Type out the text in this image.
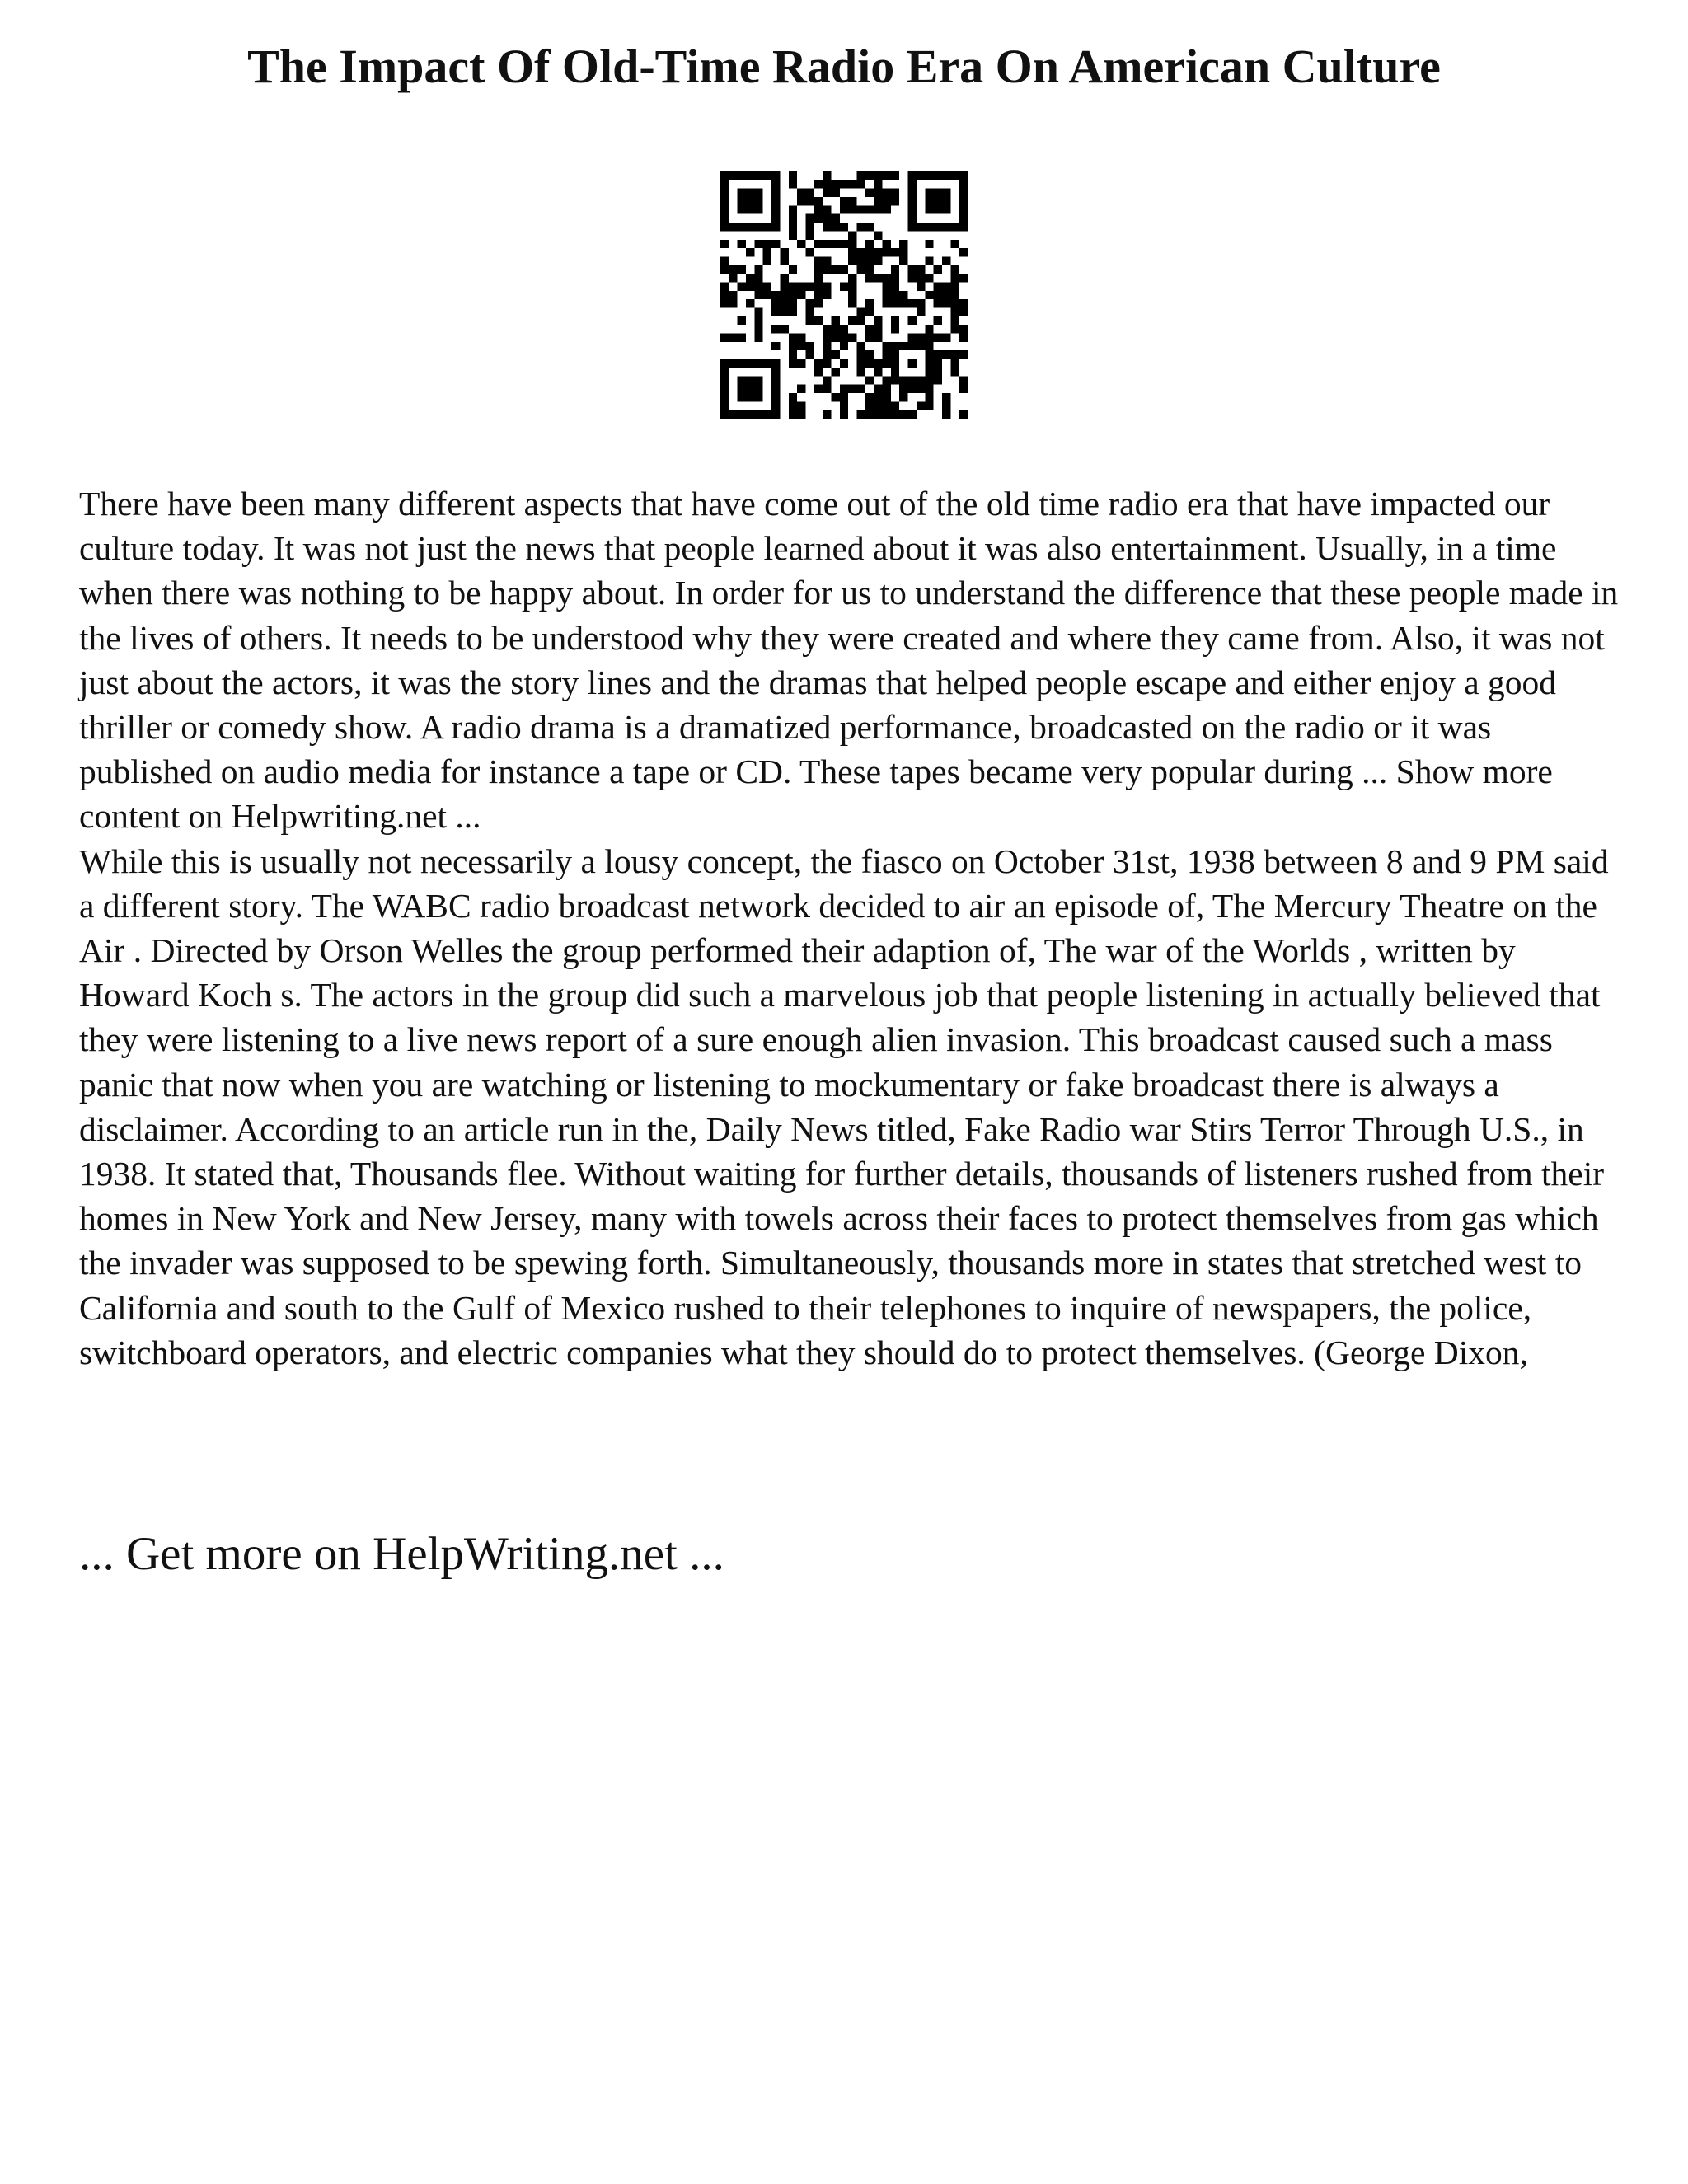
The Impact Of Old-Time Radio Era On American Culture

There have been many different aspects that have come out of the old time radio era that have impacted our culture today. It was not just the news that people learned about it was also entertainment. Usually, in a time when there was nothing to be happy about. In order for us to understand the difference that these people made in the lives of others. It needs to be understood why they were created and where they came from. Also, it was not just about the actors, it was the story lines and the dramas that helped people escape and either enjoy a good thriller or comedy show. A radio drama is a dramatized performance, broadcasted on the radio or it was published on audio media for instance a tape or CD. These tapes became very popular during ... Show more content on Helpwriting.net ...

While this is usually not necessarily a lousy concept, the fiasco on October 31st, 1938 between 8 and 9 PM said a different story. The WABC radio broadcast network decided to air an episode of, The Mercury Theatre on the Air . Directed by Orson Welles the group performed their adaption of, The war of the Worlds , written by Howard Koch s. The actors in the group did such a marvelous job that people listening in actually believed that they were listening to a live news report of a sure enough alien invasion. This broadcast caused such a mass panic that now when you are watching or listening to mockumentary or fake broadcast there is always a disclaimer. According to an article run in the, Daily News titled, Fake Radio war Stirs Terror Through U.S., in 1938. It stated that, Thousands flee. Without waiting for further details, thousands of listeners rushed from their homes in New York and New Jersey, many with towels across their faces to protect themselves from gas which the invader was supposed to be spewing forth. Simultaneously, thousands more in states that stretched west to California and south to the Gulf of Mexico rushed to their telephones to inquire of newspapers, the police, switchboard operators, and electric companies what they should do to protect themselves. (George Dixon,

... Get more on HelpWriting.net ...
